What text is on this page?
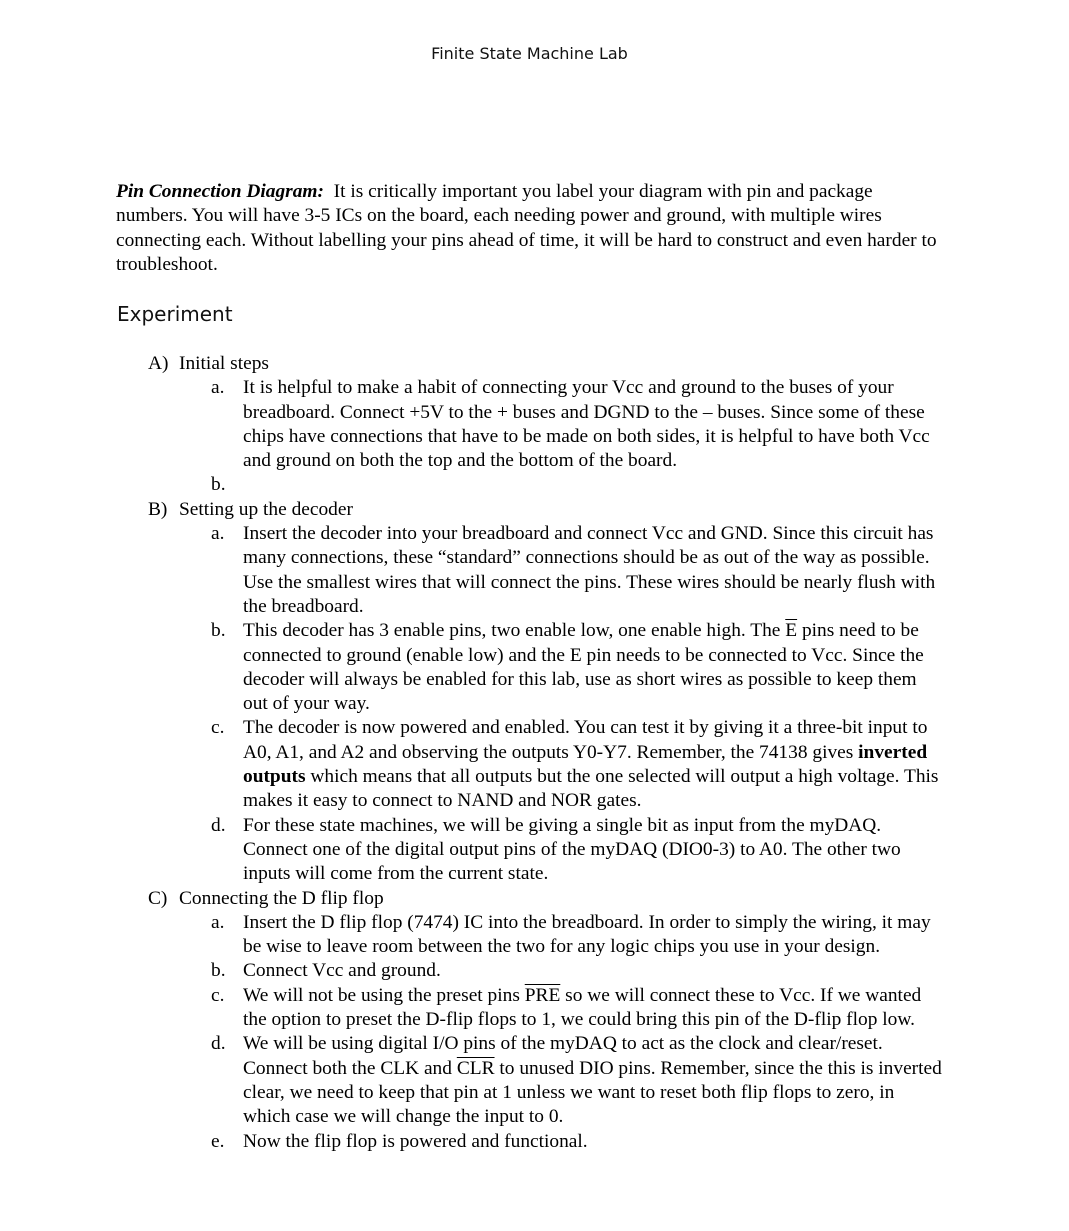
Finite State Machine Lab

Pin Connection Diagram: It is critically important you label your diagram with pin and package numbers. You will have 3-5 ICs on the board, each needing power and ground, with multiple wires connecting each. Without labelling your pins ahead of time, it will be hard to construct and even harder to troubleshoot.

Experiment
A) Initial steps
a. It is helpful to make a habit of connecting your Vcc and ground to the buses of your breadboard. Connect +5V to the + buses and DGND to the – buses. Since some of these chips have connections that have to be made on both sides, it is helpful to have both Vcc and ground on both the top and the bottom of the board.
b.

B) Setting up the decoder
a. Insert the decoder into your breadboard and connect Vcc and GND. Since this circuit has many connections, these “standard” connections should be as out of the way as possible. Use the smallest wires that will connect the pins. These wires should be nearly flush with the breadboard.
b. This decoder has 3 enable pins, two enable low, one enable high. The $\overline{E}$ pins need to be connected to ground (enable low) and the E pin needs to be connected to Vcc. Since the decoder will always be enabled for this lab, use as short wires as possible to keep them out of your way.
c. The decoder is now powered and enabled. You can test it by giving it a three-bit input to A0, A1, and A2 and observing the outputs Y0-Y7. Remember, the 74138 gives inverted outputs which means that all outputs but the one selected will output a high voltage. This makes it easy to connect to NAND and NOR gates.
d. For these state machines, we will be giving a single bit as input from the myDAQ. Connect one of the digital output pins of the myDAQ (DIO0-3) to A0. The other two inputs will come from the current state.
C) Connecting the D flip flop
a. Insert the D flip flop (7474) IC into the breadboard. In order to simply the wiring, it may be wise to leave room between the two for any logic chips you use in your design.
b. Connect Vcc and ground.
c. We will not be using the preset pins $\overline{PRE}$ so we will connect these to Vcc. If we wanted the option to preset the D-flip flops to 1, we could bring this pin of the D-flip flop low.
d. We will be using digital I/O pins of the myDAQ to act as the clock and clear/reset. Connect both the CLK and $\overline{CLR}$ to unused DIO pins. Remember, since the this is inverted clear, we need to keep that pin at 1 unless we want to reset both flip flops to zero, in which case we will change the input to 0.
e. Now the flip flop is powered and functional.
